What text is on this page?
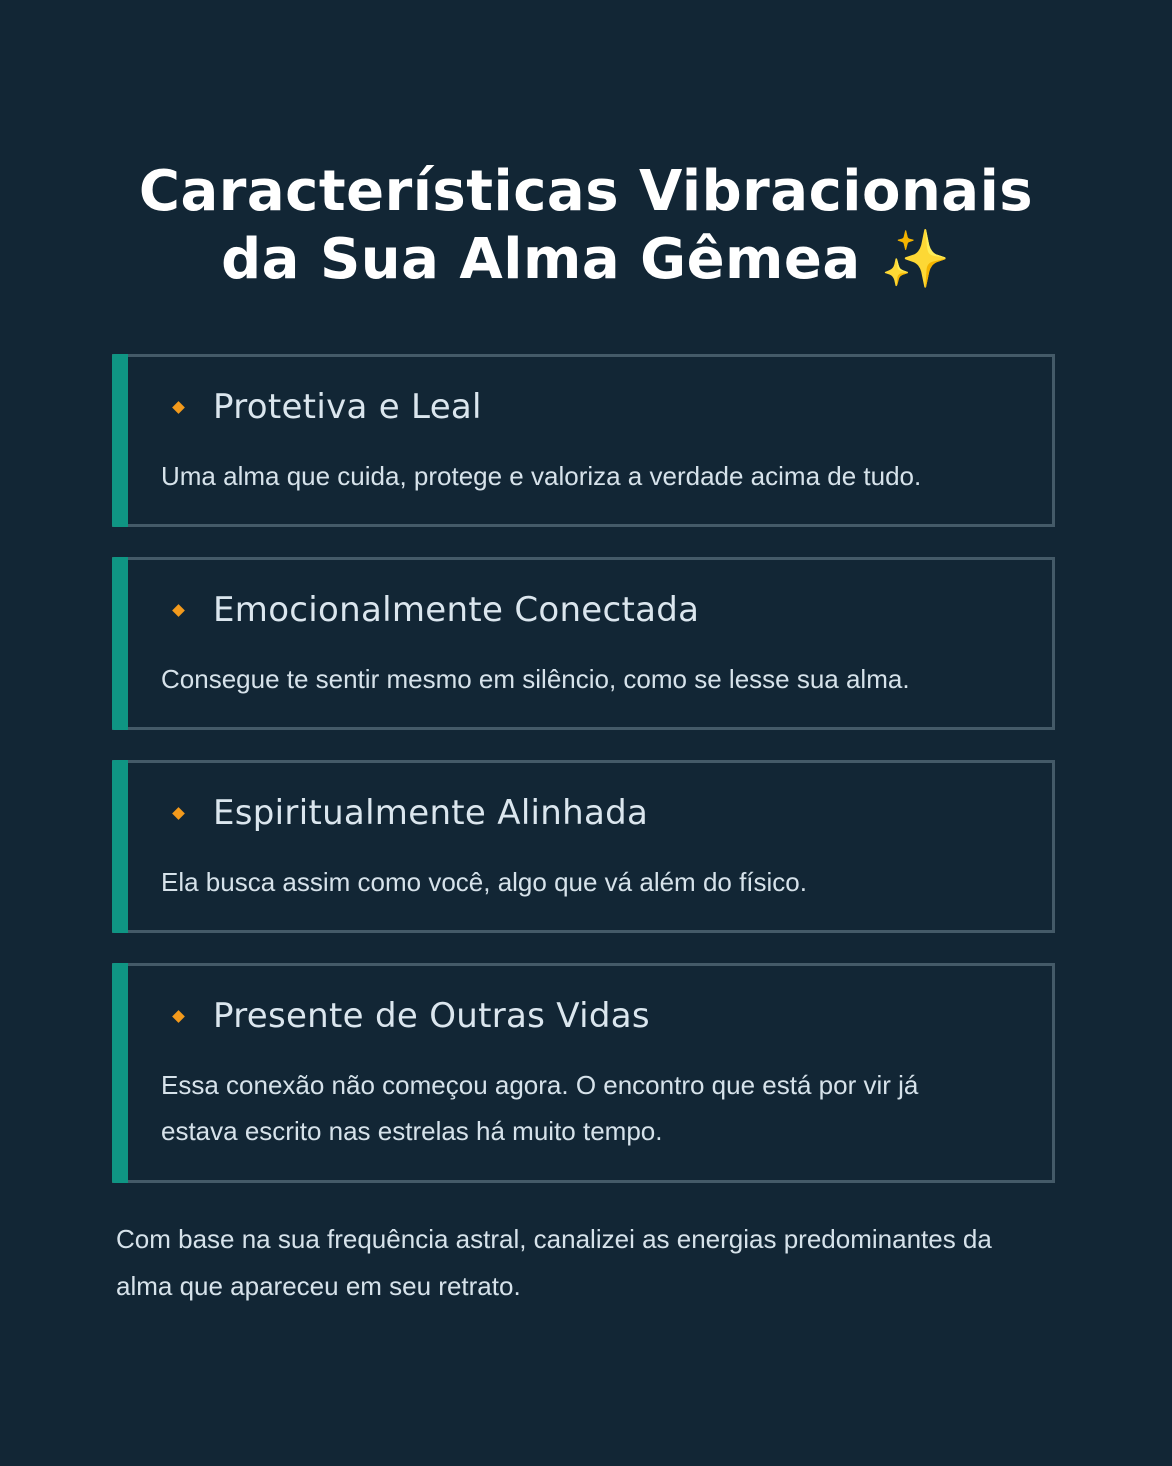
Características Vibracionais
da Sua Alma Gêmea ✨
Protetiva e Leal
Uma alma que cuida, protege e valoriza a verdade acima de tudo.
Emocionalmente Conectada
Consegue te sentir mesmo em silêncio, como se lesse sua alma.
Espiritualmente Alinhada
Ela busca assim como você, algo que vá além do físico.
Presente de Outras Vidas
Essa conexão não começou agora. O encontro que está por vir já estava escrito nas estrelas há muito tempo.
Com base na sua frequência astral, canalizei as energias predominantes da alma que apareceu em seu retrato.
